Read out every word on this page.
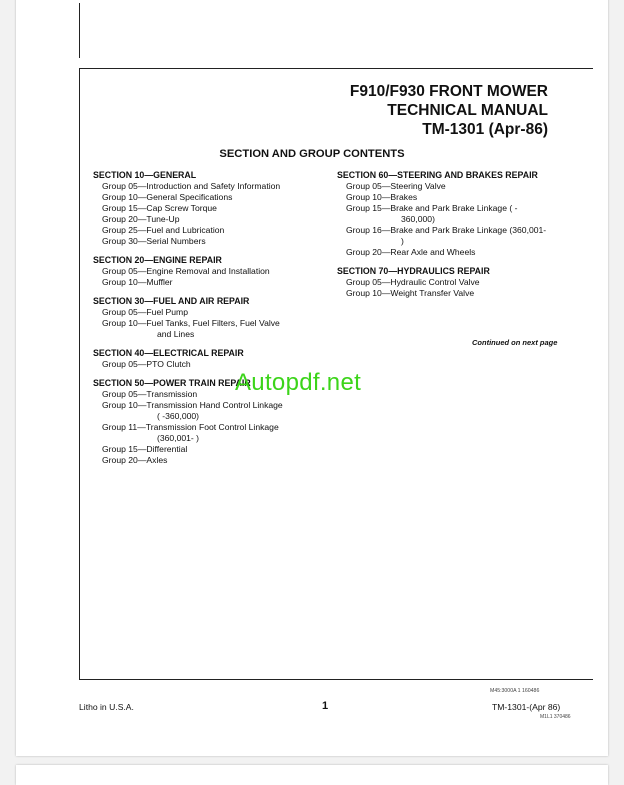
F910/F930 FRONT MOWER
TECHNICAL MANUAL
TM-1301 (Apr-86)
SECTION AND GROUP CONTENTS
SECTION 10—GENERAL
Group 05—Introduction and Safety Information
Group 10—General Specifications
Group 15—Cap Screw Torque
Group 20—Tune-Up
Group 25—Fuel and Lubrication
Group 30—Serial Numbers
SECTION 20—ENGINE REPAIR
Group 05—Engine Removal and Installation
Group 10—Muffler
SECTION 30—FUEL AND AIR REPAIR
Group 05—Fuel Pump
Group 10—Fuel Tanks, Fuel Filters, Fuel Valve
and Lines
SECTION 40—ELECTRICAL REPAIR
Group 05—PTO Clutch
SECTION 50—POWER TRAIN REPAIR
Group 05—Transmission
Group 10—Transmission Hand Control Linkage
( -360,000)
Group 11—Transmission Foot Control Linkage
(360,001- )
Group 15—Differential
Group 20—Axles
SECTION 60—STEERING AND BRAKES REPAIR
Group 05—Steering Valve
Group 10—Brakes
Group 15—Brake and Park Brake Linkage ( -
360,000)
Group 16—Brake and Park Brake Linkage (360,001-
)
Group 20—Rear Axle and Wheels
SECTION 70—HYDRAULICS REPAIR
Group 05—Hydraulic Control Valve
Group 10—Weight Transfer Valve
Continued on next page
Autopdf.net
M45:3000A 1 160486
Litho in U.S.A.	1	TM-1301-(Apr 86)
M1L1 370486
